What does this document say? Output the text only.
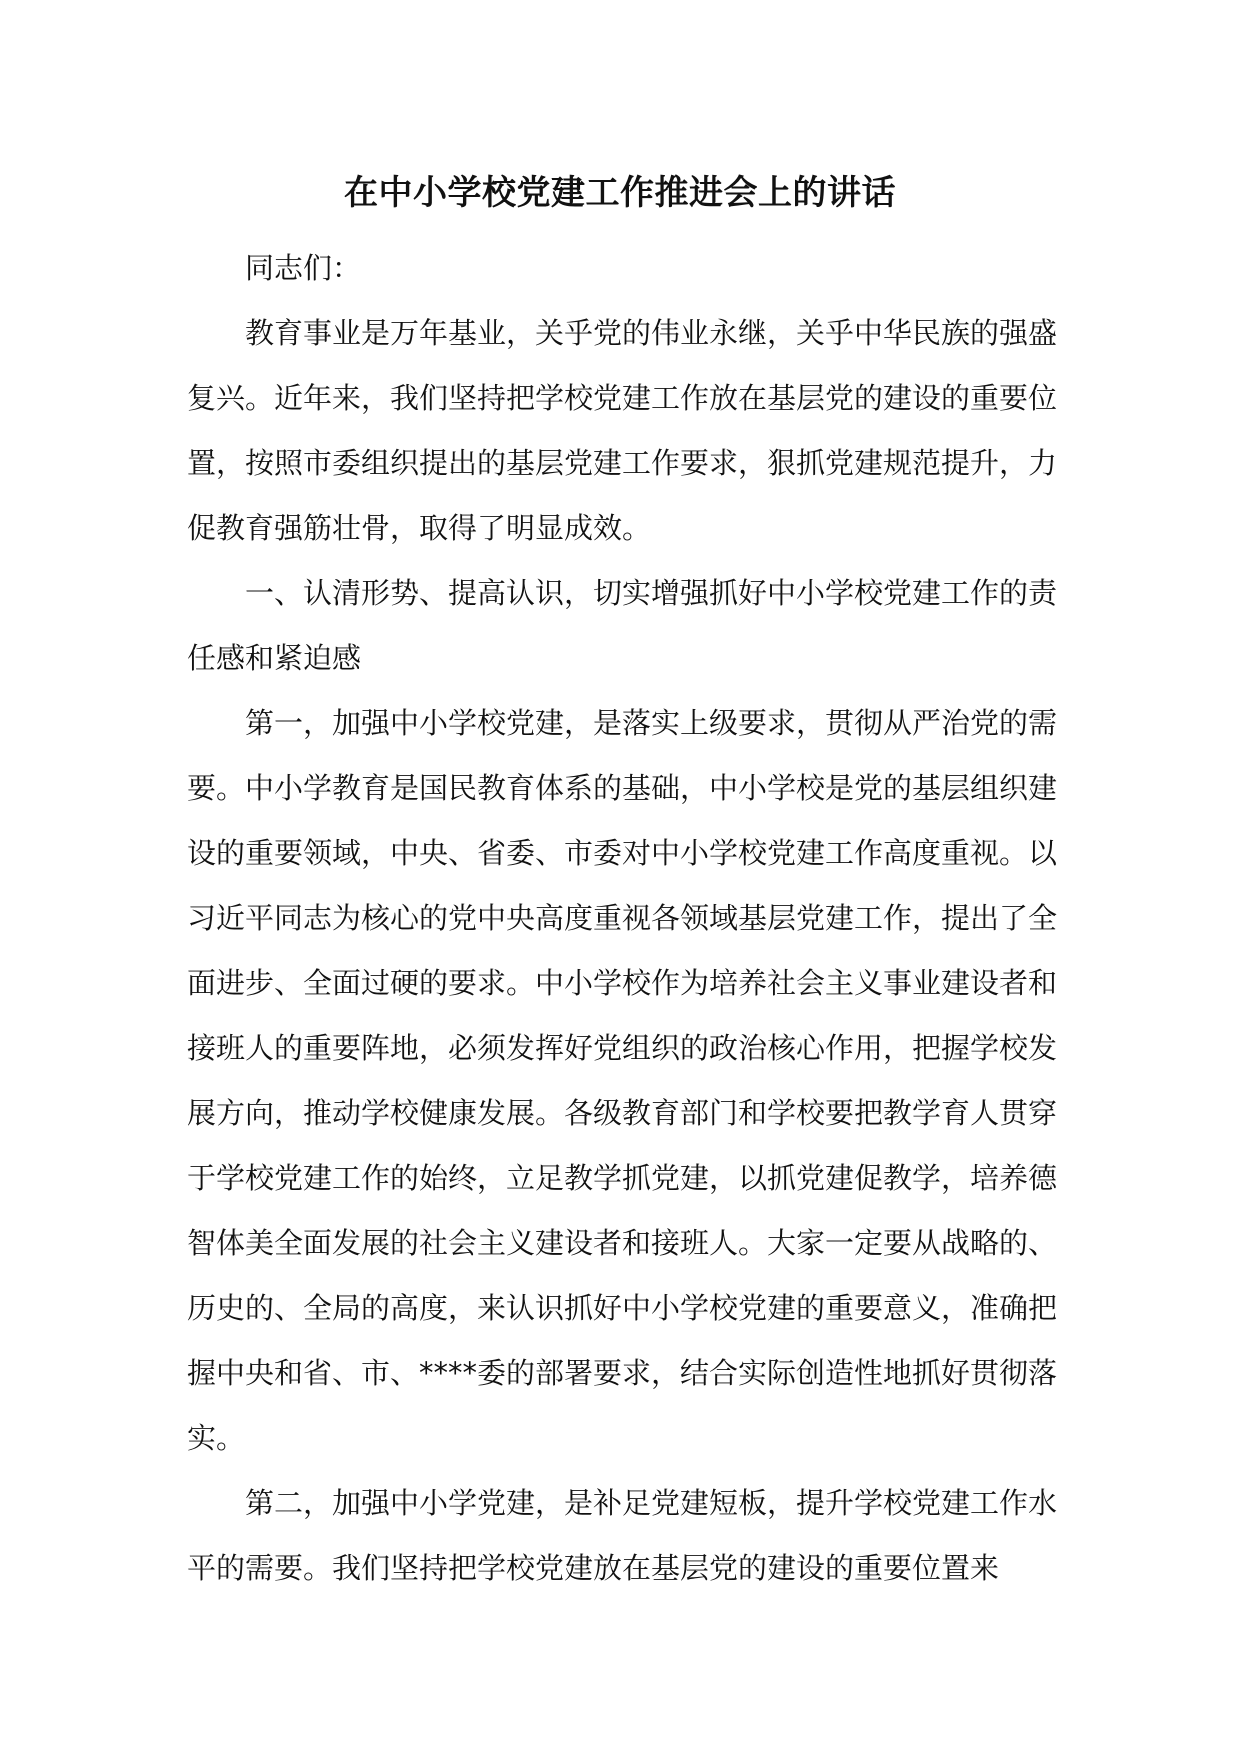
在中小学校党建工作推进会上的讲话

同志们：

教育事业是万年基业，关乎党的伟业永继，关乎中华民族的强盛复兴。近年来，我们坚持把学校党建工作放在基层党的建设的重要位置，按照市委组织提出的基层党建工作要求，狠抓党建规范提升，力促教育强筋壮骨，取得了明显成效。

一、认清形势、提高认识，切实增强抓好中小学校党建工作的责任感和紧迫感

第一，加强中小学校党建，是落实上级要求，贯彻从严治党的需要。中小学教育是国民教育体系的基础，中小学校是党的基层组织建设的重要领域，中央、省委、市委对中小学校党建工作高度重视。以习近平同志为核心的党中央高度重视各领域基层党建工作，提出了全面进步、全面过硬的要求。中小学校作为培养社会主义事业建设者和接班人的重要阵地，必须发挥好党组织的政治核心作用，把握学校发展方向，推动学校健康发展。各级教育部门和学校要把教学育人贯穿于学校党建工作的始终，立足教学抓党建，以抓党建促教学，培养德智体美全面发展的社会主义建设者和接班人。大家一定要从战略的、历史的、全局的高度，来认识抓好中小学校党建的重要意义，准确把握中央和省、市、****委的部署要求，结合实际创造性地抓好贯彻落实。

第二，加强中小学党建，是补足党建短板，提升学校党建工作水平的需要。我们坚持把学校党建放在基层党的建设的重要位置来
